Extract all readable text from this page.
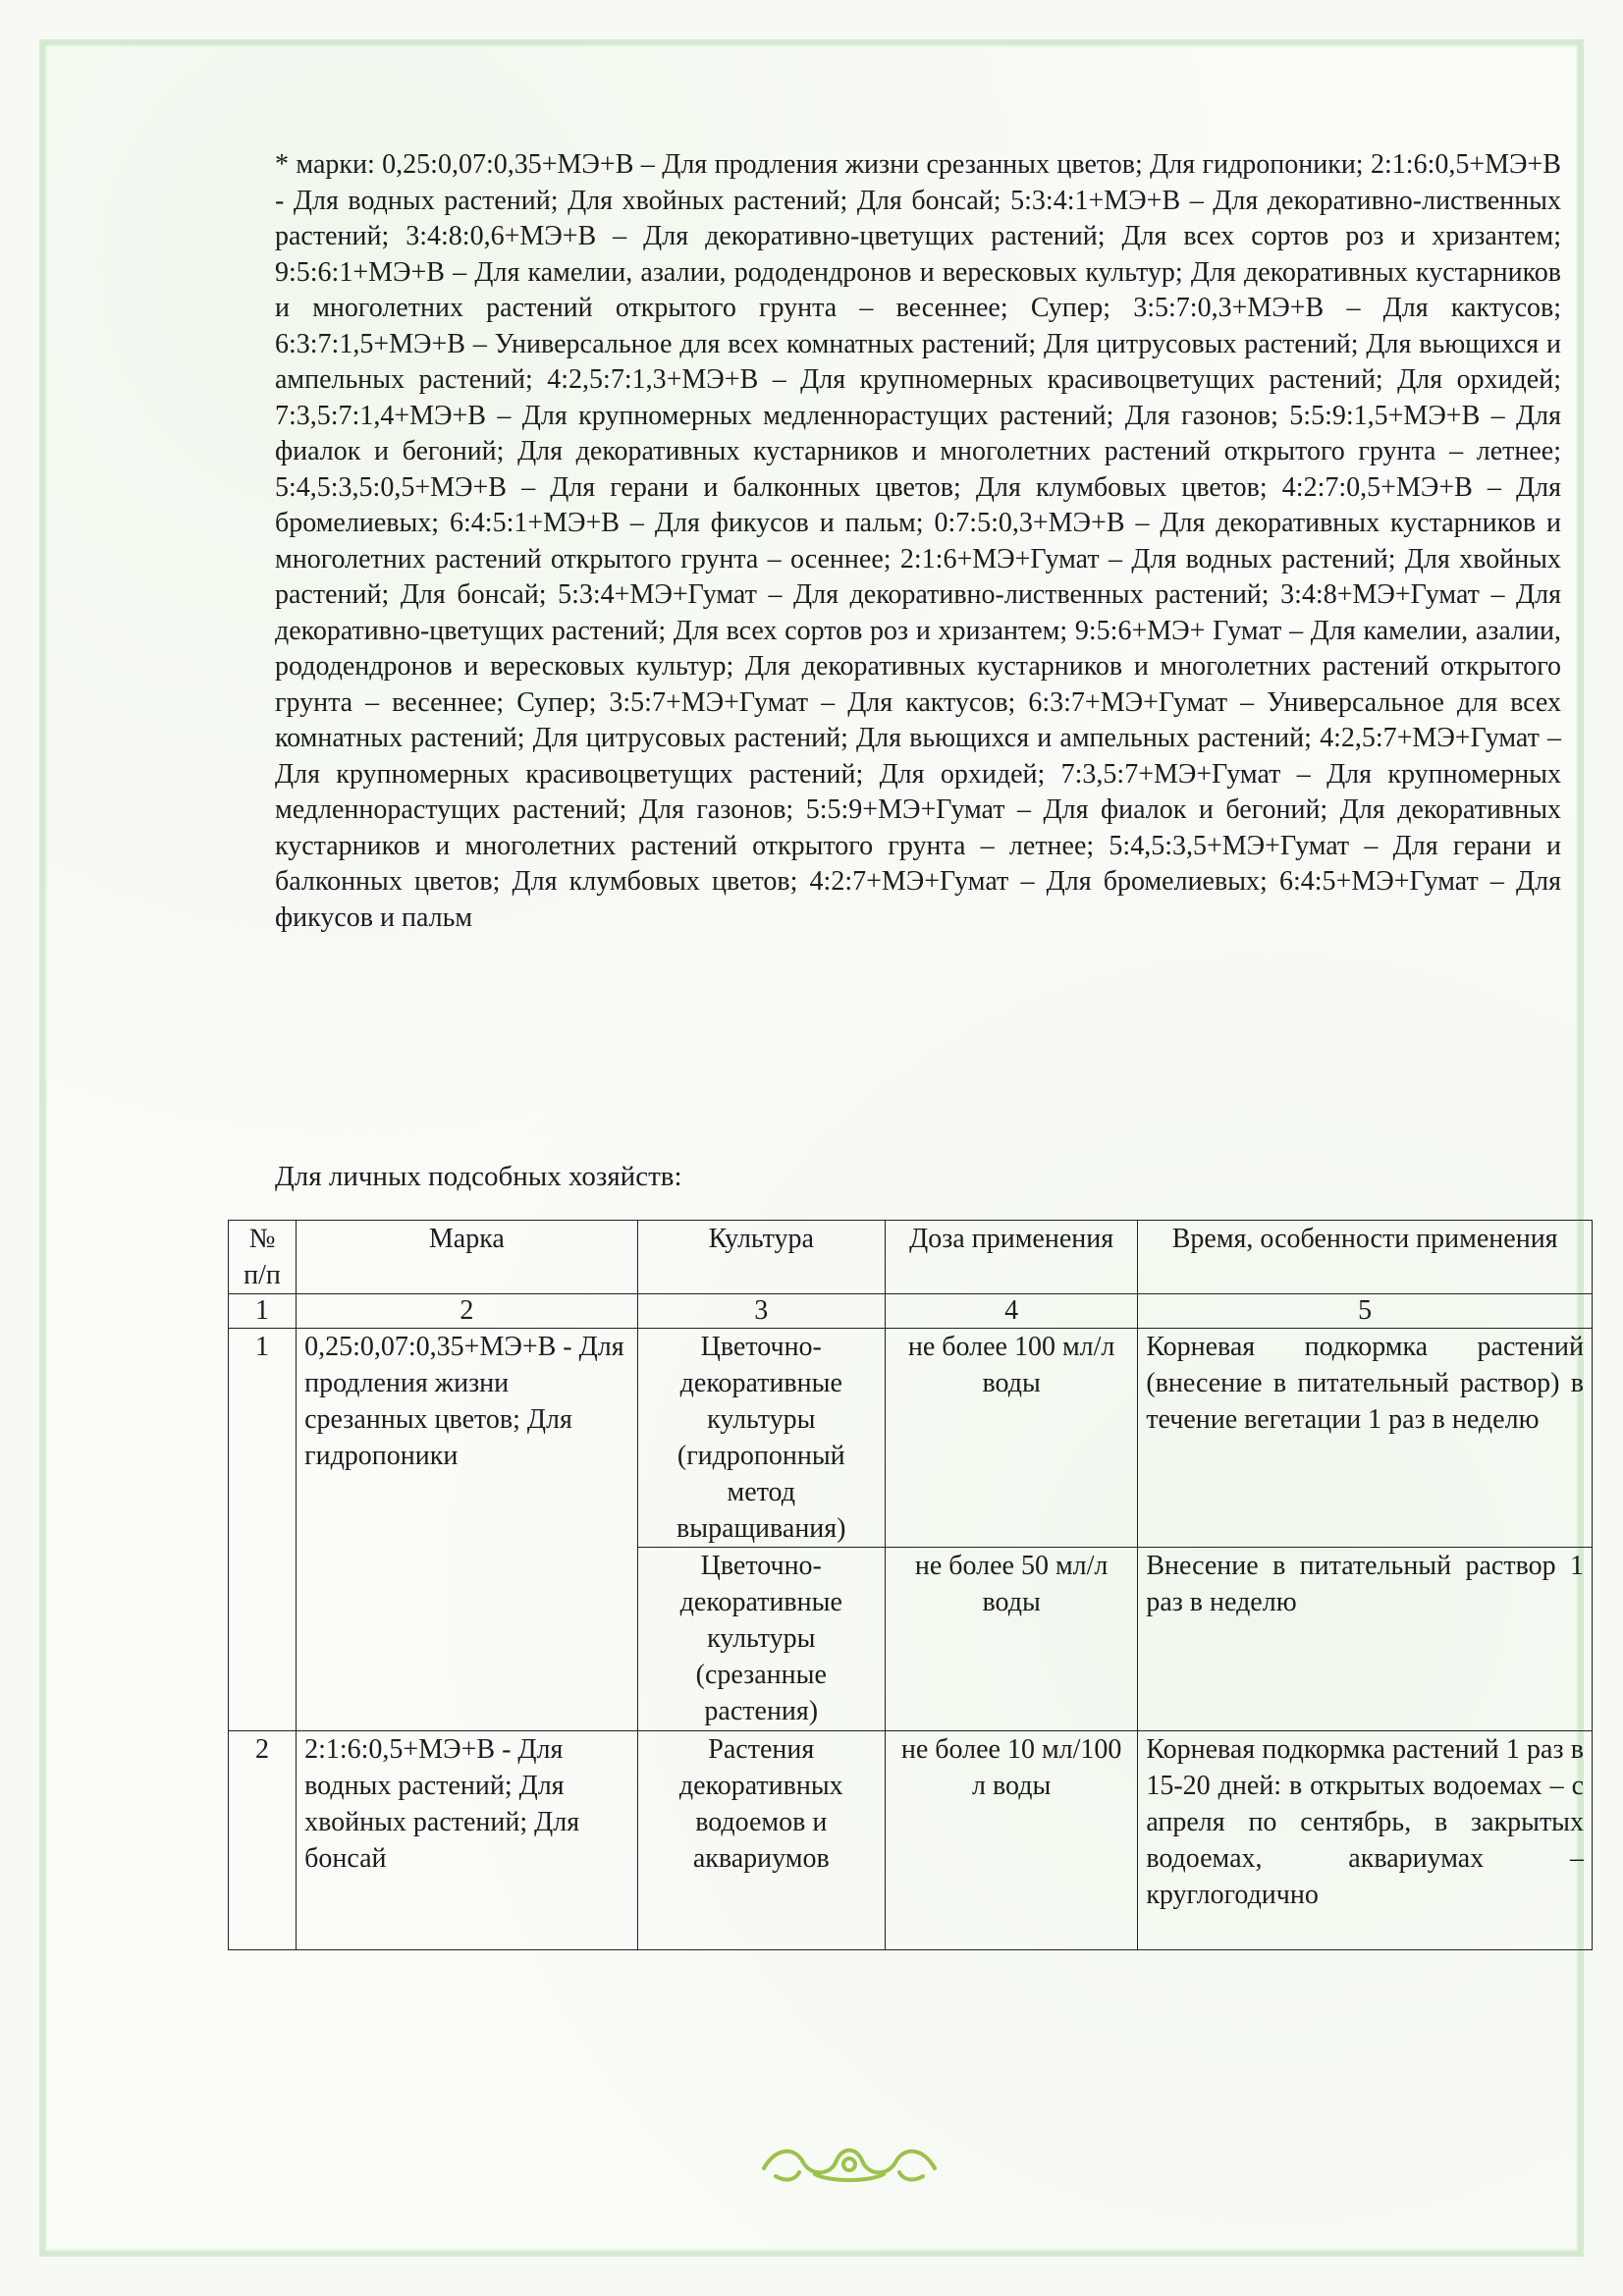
* марки: 0,25:0,07:0,35+МЭ+В – Для продления жизни срезанных цветов; Для гидропоники; 2:1:6:0,5+МЭ+В - Для водных растений; Для хвойных растений; Для бонсай; 5:3:4:1+МЭ+В – Для декоративно-лиственных растений; 3:4:8:0,6+МЭ+В – Для декоративно-цветущих растений; Для всех сортов роз и хризантем; 9:5:6:1+МЭ+В – Для камелии, азалии, рододендронов и вересковых культур; Для декоративных кустарников и многолетних растений открытого грунта – весеннее; Супер; 3:5:7:0,3+МЭ+В – Для кактусов; 6:3:7:1,5+МЭ+В – Универсальное для всех комнатных растений; Для цитрусовых растений; Для вьющихся и ампельных растений; 4:2,5:7:1,3+МЭ+В – Для крупномерных красивоцветущих растений; Для орхидей; 7:3,5:7:1,4+МЭ+В – Для крупномерных медленнорастущих растений; Для газонов; 5:5:9:1,5+МЭ+В – Для фиалок и бегоний; Для декоративных кустарников и многолетних растений открытого грунта – летнее; 5:4,5:3,5:0,5+МЭ+В – Для герани и балконных цветов; Для клумбовых цветов; 4:2:7:0,5+МЭ+В – Для бромелиевых; 6:4:5:1+МЭ+В – Для фикусов и пальм; 0:7:5:0,3+МЭ+В – Для декоративных кустарников и многолетних растений открытого грунта – осеннее; 2:1:6+МЭ+Гумат – Для водных растений; Для хвойных растений; Для бонсай; 5:3:4+МЭ+Гумат – Для декоративно-лиственных растений; 3:4:8+МЭ+Гумат – Для декоративно-цветущих растений; Для всех сортов роз и хризантем; 9:5:6+МЭ+ Гумат – Для камелии, азалии, рододендронов и вересковых культур; Для декоративных кустарников и многолетних растений открытого грунта – весеннее; Супер; 3:5:7+МЭ+Гумат – Для кактусов; 6:3:7+МЭ+Гумат – Универсальное для всех комнатных растений; Для цитрусовых растений; Для вьющихся и ампельных растений; 4:2,5:7+МЭ+Гумат – Для крупномерных красивоцветущих растений; Для орхидей; 7:3,5:7+МЭ+Гумат – Для крупномерных медленнорастущих растений; Для газонов; 5:5:9+МЭ+Гумат – Для фиалок и бегоний; Для декоративных кустарников и многолетних растений открытого грунта – летнее; 5:4,5:3,5+МЭ+Гумат – Для герани и балконных цветов; Для клумбовых цветов; 4:2:7+МЭ+Гумат – Для бромелиевых; 6:4:5+МЭ+Гумат – Для фикусов и пальм
Для личных подсобных хозяйств:
№ п/п	Марка	Культура	Доза применения	Время, особенности применения
1	2	3	4	5
1	0,25:0,07:0,35+МЭ+В - Для продления жизни срезанных цветов; Для гидропоники	Цветочно-декоративные культуры (гидропонный метод выращивания)	не более 100 мл/л воды	Корневая подкормка растений (внесение в питательный раствор) в течение вегетации 1 раз в неделю
		Цветочно-декоративные культуры (срезанные растения)	не более 50 мл/л воды	Внесение в питательный раствор 1 раз в неделю
2	2:1:6:0,5+МЭ+В - Для водных растений; Для хвойных растений; Для бонсай	Растения декоративных водоемов и аквариумов	не более 10 мл/100 л воды	Корневая подкормка растений 1 раз в 15-20 дней: в открытых водоемах – с апреля по сентябрь, в закрытых водоемах, аквариумах – круглогодично
